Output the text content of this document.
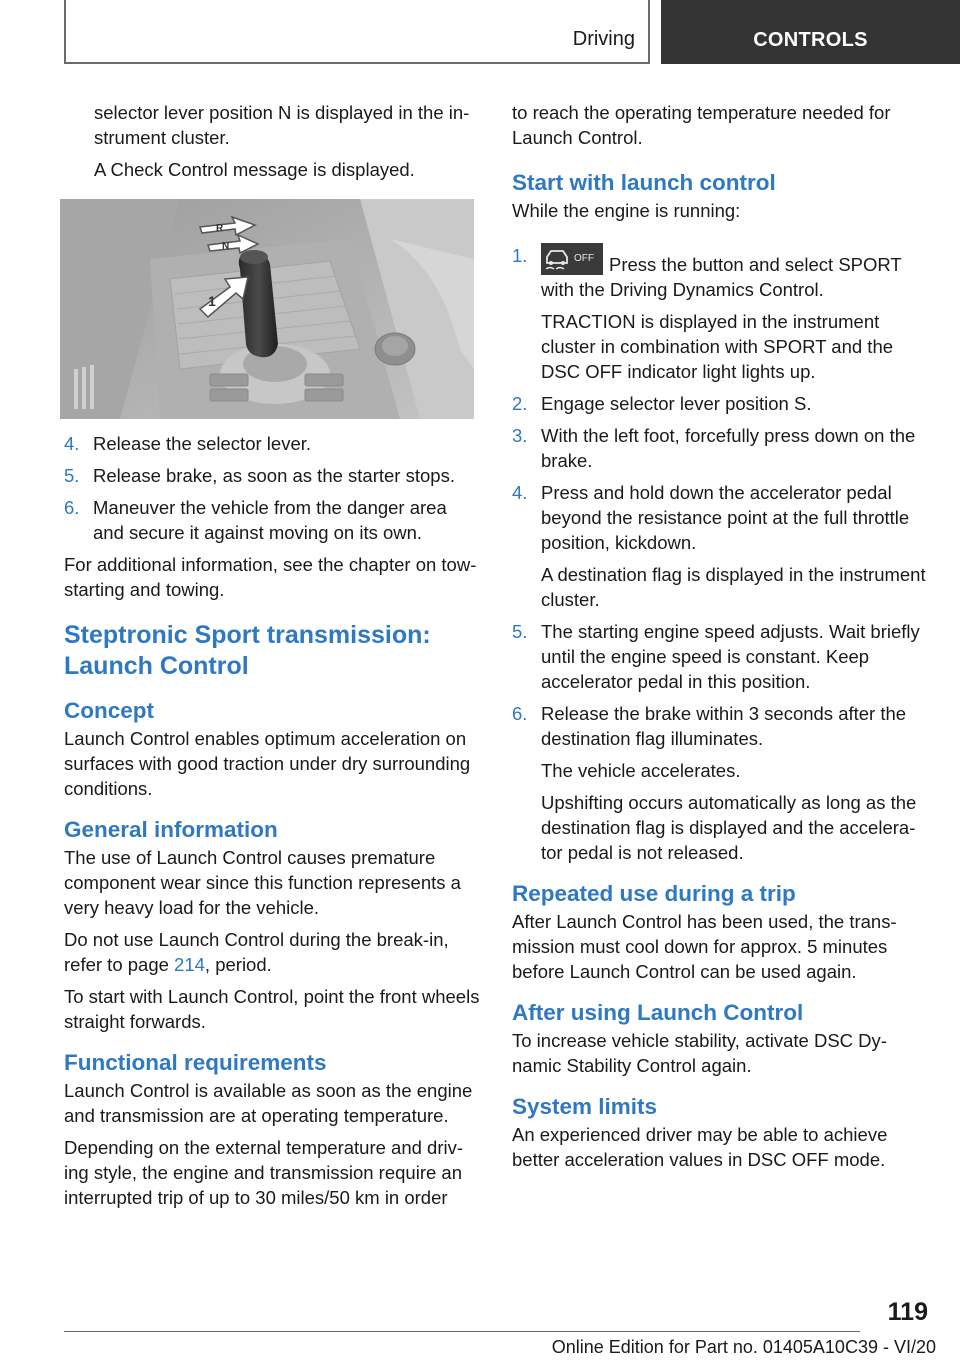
Driving	CONTROLS
selector lever position N is displayed in the instrument cluster.
A Check Control message is displayed.
R
N
1
4. Release the selector lever.
5. Release brake, as soon as the starter stops.
6. Maneuver the vehicle from the danger area and secure it against moving on its own.
For additional information, see the chapter on tow-starting and towing.
Steptronic Sport transmission: Launch Control
Concept
Launch Control enables optimum acceleration on surfaces with good traction under dry surrounding conditions.
General information
The use of Launch Control causes premature component wear since this function represents a very heavy load for the vehicle.
Do not use Launch Control during the break-in, refer to page 214, period.
To start with Launch Control, point the front wheels straight forwards.
Functional requirements
Launch Control is available as soon as the engine and transmission are at operating temperature.
Depending on the external temperature and driving style, the engine and transmission require an interrupted trip of up to 30 miles/50 km in order
to reach the operating temperature needed for Launch Control.
Start with launch control
While the engine is running:
1.	OFF Press the button and select SPORT with the Driving Dynamics Control.
TRACTION is displayed in the instrument cluster in combination with SPORT and the DSC OFF indicator light lights up.
2. Engage selector lever position S.
3. With the left foot, forcefully press down on the brake.
4. Press and hold down the accelerator pedal beyond the resistance point at the full throttle position, kickdown.
A destination flag is displayed in the instrument cluster.
5. The starting engine speed adjusts. Wait briefly until the engine speed is constant. Keep accelerator pedal in this position.
6. Release the brake within 3 seconds after the destination flag illuminates.
The vehicle accelerates.
Upshifting occurs automatically as long as the destination flag is displayed and the accelerator pedal is not released.
Repeated use during a trip
After Launch Control has been used, the transmission must cool down for approx. 5 minutes before Launch Control can be used again.
After using Launch Control
To increase vehicle stability, activate DSC Dynamic Stability Control again.
System limits
An experienced driver may be able to achieve better acceleration values in DSC OFF mode.
119
Online Edition for Part no. 01405A10C39 - VI/20
